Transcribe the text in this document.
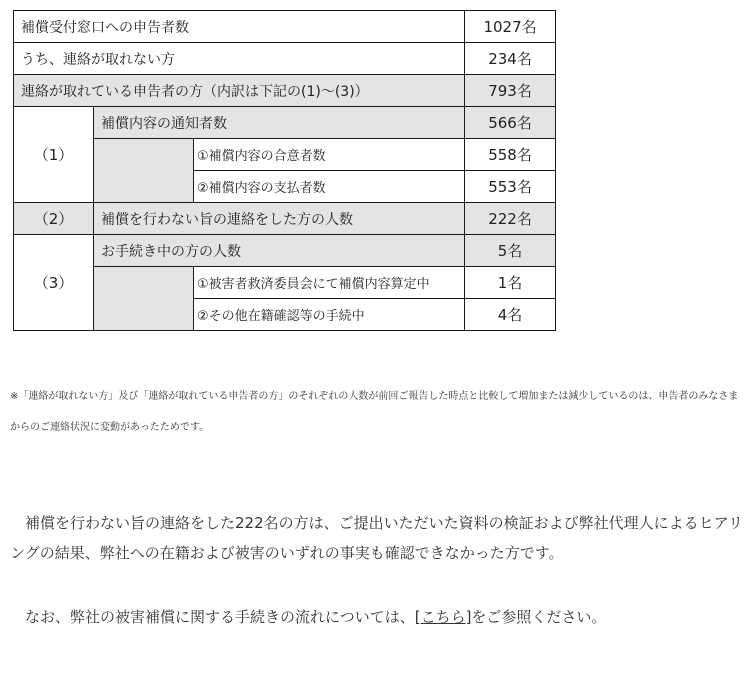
補償受付窓口への申告者数			1027名
うち、連絡が取れない方			234名
連絡が取れている申告者の方（内訳は下記の(1)～(3)）			793名
（1）	補償内容の通知者数		566名
		①補償内容の合意者数	558名
		②補償内容の支払者数	553名
（2）	補償を行わない旨の連絡をした方の人数		222名
（3）	お手続き中の方の人数		5名
		①被害者救済委員会にて補償内容算定中	1名
		②その他在籍確認等の手続中	4名

※「連絡が取れない方」及び「連絡が取れている申告者の方」のそれぞれの人数が前回ご報告した時点と比較して増加または減少しているのは、申告者のみなさまからのご連絡状況に変動があったためです。

　補償を行わない旨の連絡をした222名の方は、ご提出いただいた資料の検証および弊社代理人によるヒアリングの結果、弊社への在籍および被害のいずれの事実も確認できなかった方です。

　なお、弊社の被害補償に関する手続きの流れについては、[こちら]をご参照ください。
